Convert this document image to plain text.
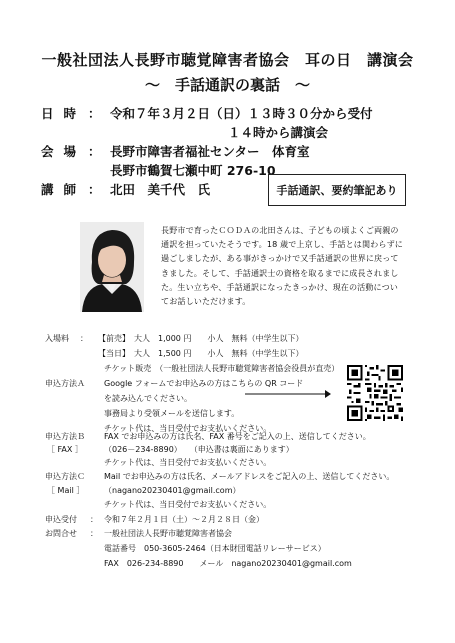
一般社団法人長野市聴覚障害者協会　耳の日　講演会
～　手話通訳の裏話　～
日時 ： 令和７年３月２日（日）１３時３０分から受付
１４時から講演会
会場 ： 長野市障害者福祉センター　体育室
長野市鶴賀七瀬中町 276-10
講師 ： 北田　美千代　氏	手話通訳、要約筆記あり
長野市で育ったＣＯＤＡの北田さんは、子どもの頃よくご両親の
通訳を担っていたそうです。18 歳で上京し、手話とは関わらずに
過ごしましたが、ある事がきっかけで又手話通訳の世界に戻って
きました。そして、手話通訳士の資格を取るまでに成長されまし
た。生い立ちや、手話通訳になったきっかけ、現在の活動につい
てお話しいただけます。
入場料 ： 【前売】　大人　1,000 円　　小人　無料（中学生以下）
【当日】　大人　1,500 円　　小人　無料（中学生以下）
チケット販売　（一般社団法人長野市聴覚障害者協会役員が直売）
申込方法Ａ Google フォームでお申込みの方はこちらの QR コード
を読み込んでください。
事務局より受領メールを送信します。
チケット代は、当日受付でお支払いください。
申込方法Ｂ
［ FAX ］
FAX でお申込みの方は氏名、FAX 番号をご記入の上、送信してください。
（026－234-8890）　　（申込書は裏面にあります）
チケット代は、当日受付でお支払いください。
申込方法Ｃ
［ Mail ］
Mail でお申込みの方は氏名、メールアドレスをご記入の上、送信してください。
（nagano20230401@gmail.com）
チケット代は、当日受付でお支払いください。
申込受付 ： 令和７年２月１日（土）～２月２８日（金）
お問合せ ： 一般社団法人長野市聴覚障害者協会
電話番号　050-3605-2464（日本財団電話リレーサービス）
FAX　026-234-8890　　メール　nagano20230401@gmail.com
